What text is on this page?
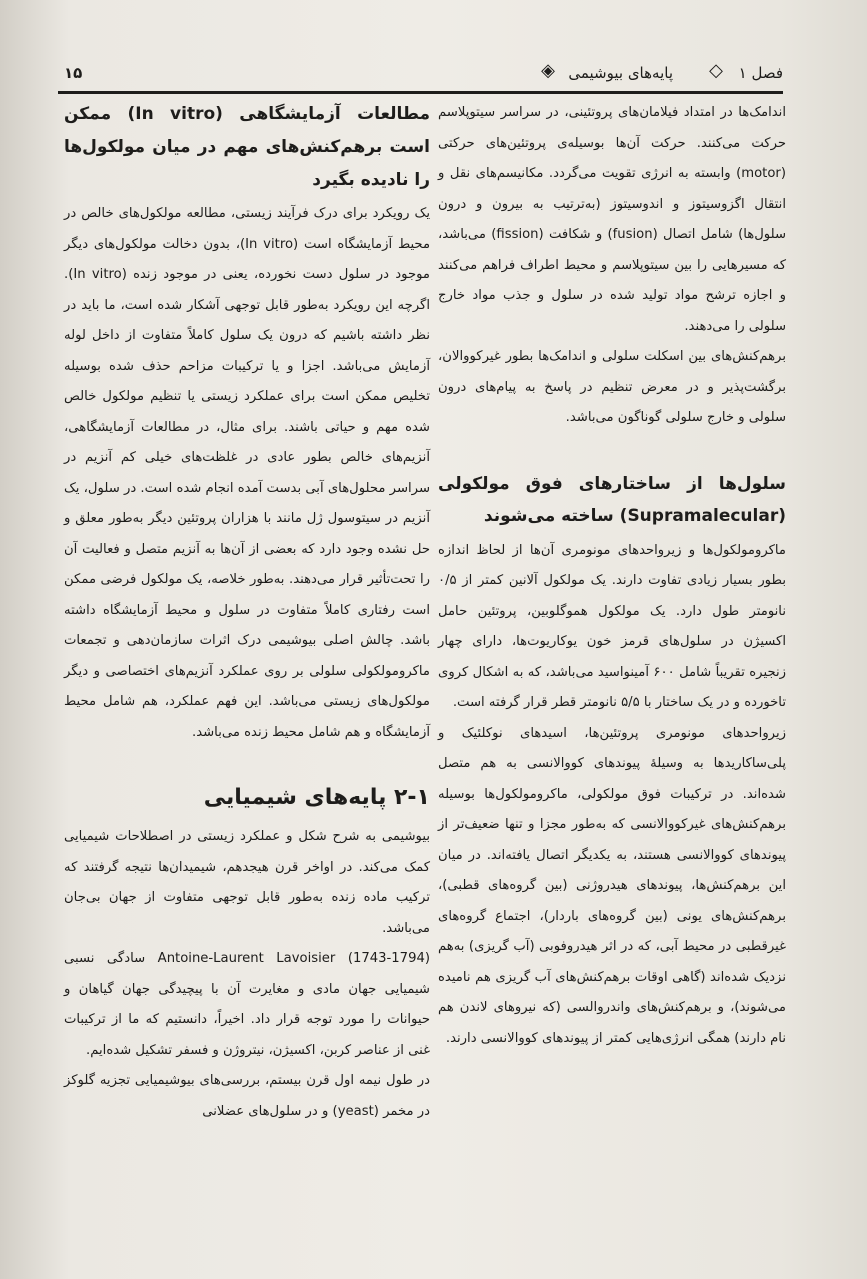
فصل ۱
◇
پایه‌های بیوشیمی
◈
۱۵

اندامک‌ها در امتداد فیلامان‌های پروتئینی، در سراسر سیتوپلاسم حرکت می‌کنند. حرکت آن‌ها بوسیله‌ی پروتئین‌های حرکتی (motor) وابسته به انرژی تقویت می‌گردد. مکانیسم‌های نقل و انتقال اگزوسیتوز و اندوسیتوز (به‌ترتیب به بیرون و درون سلول‌ها) شامل اتصال (fusion) و شکافت (fission) می‌باشد، که مسیرهایی را بین سیتوپلاسم و محیط اطراف فراهم می‌کنند و اجازه ترشح مواد تولید شده در سلول و جذب مواد خارج سلولی را می‌دهند.

برهم‌کنش‌های بین اسکلت سلولی و اندامک‌ها بطور غیرکووالان، برگشت‌پذیر و در معرض تنظیم در پاسخ به پیام‌های درون سلولی و خارج سلولی گوناگون می‌باشد.

سلول‌ها از ساختارهای فوق مولکولی (Supramalecular) ساخته می‌شوند

ماکرومولکول‌ها و زیرواحدهای مونومری آن‌ها از لحاظ اندازه بطور بسیار زیادی تفاوت دارند. یک مولکول آلانین کمتر از ۰/۵ نانومتر طول دارد. یک مولکول هموگلوبین، پروتئین حامل اکسیژن در سلول‌های قرمز خون یوکاریوت‌ها، دارای چهار زنجیره تقریباً شامل ۶۰۰ آمینواسید می‌باشد، که به اشکال کروی تاخورده و در یک ساختار با ۵/۵ نانومتر قطر قرار گرفته است.

زیرواحدهای مونومری پروتئین‌ها، اسیدهای نوکلئیک و پلی‌ساکاریدها به وسیلهٔ پیوندهای کووالانسی به هم متصل شده‌اند. در ترکیبات فوق مولکولی، ماکرومولکول‌ها بوسیله برهم‌کنش‌های غیرکووالانسی که به‌طور مجزا و تنها ضعیف‌تر از پیوندهای کووالانسی هستند، به یکدیگر اتصال یافته‌اند. در میان این برهم‌کنش‌ها، پیوندهای هیدروژنی (بین گروه‌های قطبی)، برهم‌کنش‌های یونی (بین گروه‌های باردار)، اجتماع گروه‌های غیرقطبی در محیط آبی، که در اثر هیدروفوبی (آب گریزی) به‌هم نزدیک شده‌اند (گاهی اوقات برهم‌کنش‌های آب گریزی هم نامیده می‌شوند)، و برهم‌کنش‌های واندروالسی (که نیروهای لاندن هم نام دارند) همگی انرژی‌هایی کمتر از پیوندهای کووالانسی دارند.

مطالعات آزمایشگاهی (In vitro) ممکن است برهم‌کنش‌های مهم در میان مولکول‌ها را نادیده بگیرد

یک رویکرد برای درک فرآیند زیستی، مطالعه مولکول‌های خالص در محیط آزمایشگاه است (In vitro)، بدون دخالت مولکول‌های دیگر موجود در سلول دست نخورده، یعنی در موجود زنده (In vitro). اگرچه این رویکرد به‌طور قابل توجهی آشکار شده است، ما باید در نظر داشته باشیم که درون یک سلول کاملاً متفاوت از داخل لوله آزمایش می‌باشد. اجزا و یا ترکیبات مزاحم حذف شده بوسیله تخلیص ممکن است برای عملکرد زیستی یا تنظیم مولکول خالص شده مهم و حیاتی باشند. برای مثال، در مطالعات آزمایشگاهی، آنزیم‌های خالص بطور عادی در غلظت‌های خیلی کم آنزیم در سراسر محلول‌های آبی بدست آمده انجام شده است. در سلول، یک آنزیم در سیتوسول ژل مانند با هزاران پروتئین دیگر به‌طور معلق و حل نشده وجود دارد که بعضی از آن‌ها به آنزیم متصل و فعالیت آن را تحت‌تأثیر قرار می‌دهند. به‌طور خلاصه، یک مولکول فرضی ممکن است رفتاری کاملاً متفاوت در سلول و محیط آزمایشگاه داشته باشد. چالش اصلی بیوشیمی درک اثرات سازمان‌دهی و تجمعات ماکرومولکولی سلولی بر روی عملکرد آنزیم‌های اختصاصی و دیگر مولکول‌های زیستی می‌باشد. این فهم عملکرد، هم شامل محیط آزمایشگاه و هم شامل محیط زنده می‌باشد.

۲-۱ پایه‌های شیمیایی

بیوشیمی به شرح شکل و عملکرد زیستی در اصطلاحات شیمیایی کمک می‌کند. در اواخر قرن هیجدهم، شیمیدان‌ها نتیجه گرفتند که ترکیب ماده زنده به‌طور قابل توجهی متفاوت از جهان بی‌جان می‌باشد.

Antoine-Laurent Lavoisier (1743-1794) سادگی نسبی شیمیایی جهان مادی و مغایرت آن با پیچیدگی جهان گیاهان و حیوانات را مورد توجه قرار داد. اخیراً، دانستیم که ما از ترکیبات غنی از عناصر کربن، اکسیژن، نیتروژن و فسفر تشکیل شده‌ایم.

در طول نیمه اول قرن بیستم، بررسی‌های بیوشیمیایی تجزیه گلوکز در مخمر (yeast) و در سلول‌های عضلانی
